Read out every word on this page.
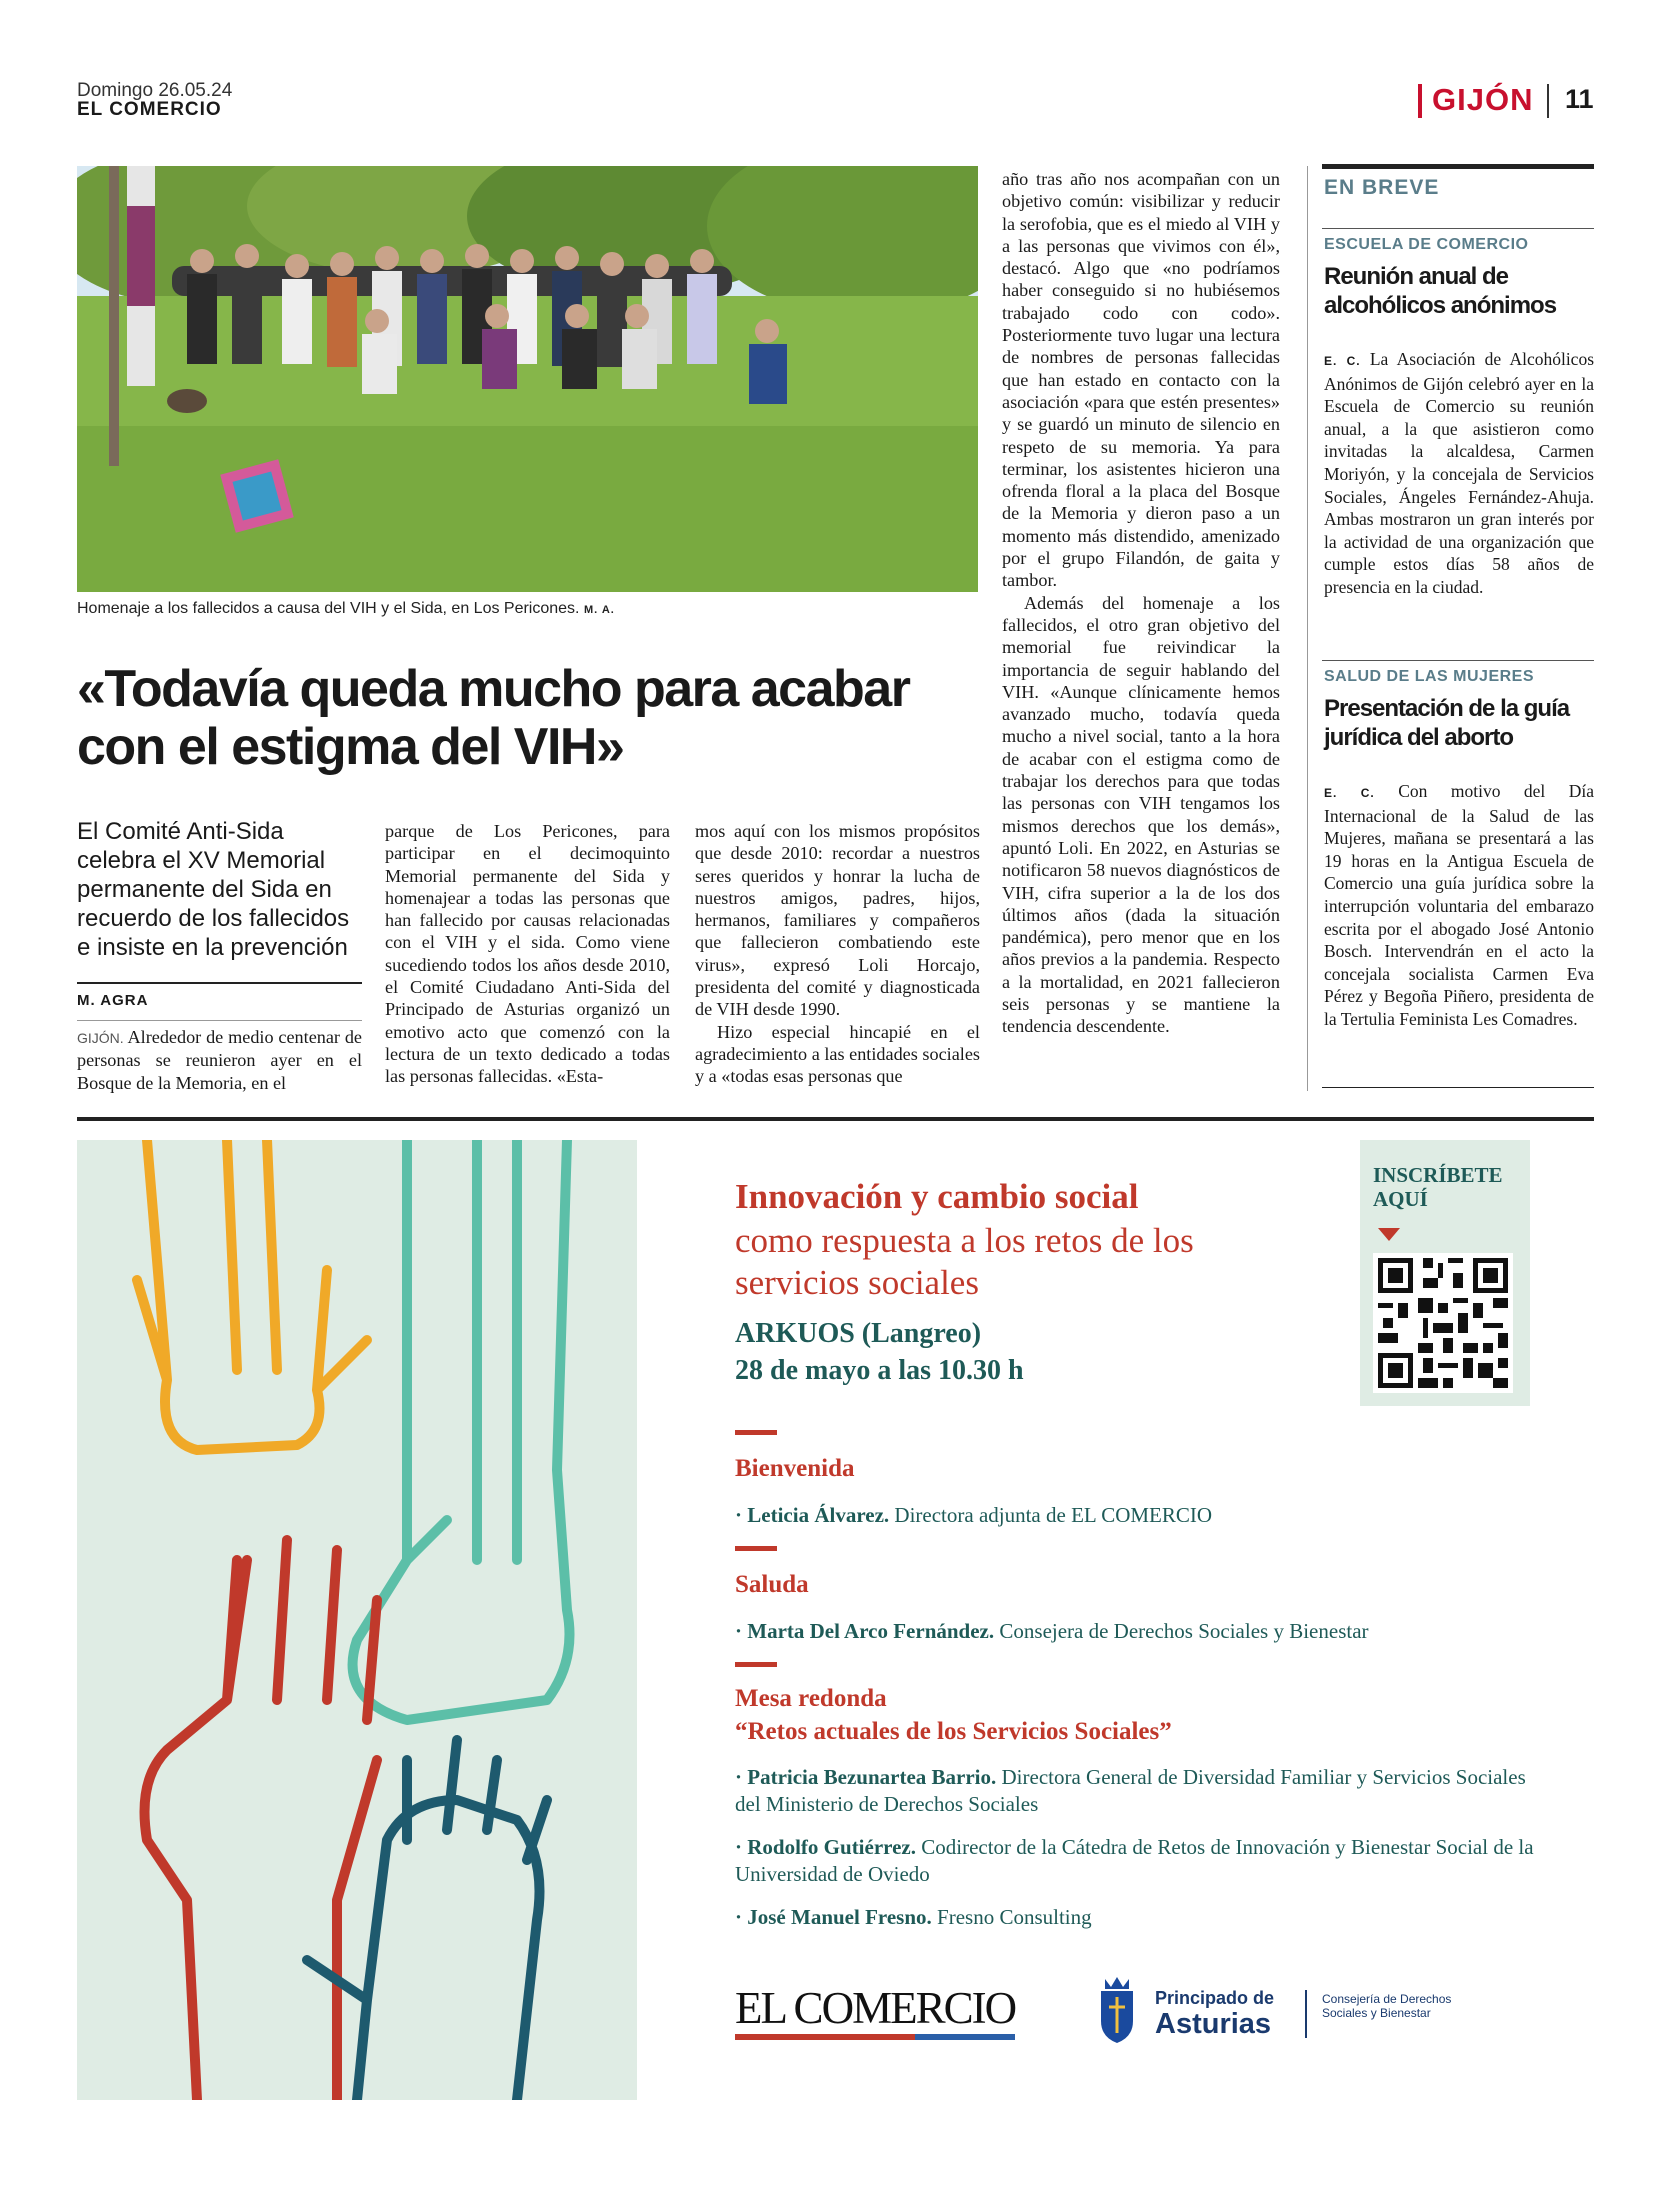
Domingo 26.05.24
EL COMERCIO	GIJÓN 11
Homenaje a los fallecidos a causa del VIH y el Sida, en Los Pericones. M. A.
«Todavía queda mucho para acabar con el estigma del VIH»
El Comité Anti-Sida celebra el XV Memorial permanente del Sida en recuerdo de los fallecidos e insiste en la prevención
M. AGRA
GIJÓN. Alrededor de medio centenar de personas se reunieron ayer en el Bosque de la Memoria, en el
parque de Los Pericones, para participar en el decimoquinto Memorial permanente del Sida y homenajear a todas las personas que han fallecido por causas relacionadas con el VIH y el sida. Como viene sucediendo todos los años desde 2010, el Comité Ciudadano Anti-Sida del Principado de Asturias organizó un emotivo acto que comenzó con la lectura de un texto dedicado a todas las personas fallecidas. «Esta-
mos aquí con los mismos propósitos que desde 2010: recordar a nuestros seres queridos y honrar la lucha de nuestros amigos, padres, hijos, hermanos, familiares y compañeros que fallecieron combatiendo este virus», expresó Loli Horcajo, presidenta del comité y diagnosticada de VIH desde 1990.
Hizo especial hincapié en el agradecimiento a las entidades sociales y a «todas esas personas que
año tras año nos acompañan con un objetivo común: visibilizar y reducir la serofobia, que es el miedo al VIH y a las personas que vivimos con él», destacó. Algo que «no podríamos haber conseguido si no hubiésemos trabajado codo con codo». Posteriormente tuvo lugar una lectura de nombres de personas fallecidas que han estado en contacto con la asociación «para que estén presentes» y se guardó un minuto de silencio en respeto de su memoria. Ya para terminar, los asistentes hicieron una ofrenda floral a la placa del Bosque de la Memoria y dieron paso a un momento más distendido, amenizado por el grupo Filandón, de gaita y tambor.
Además del homenaje a los fallecidos, el otro gran objetivo del memorial fue reivindicar la importancia de seguir hablando del VIH. «Aunque clínicamente hemos avanzado mucho, todavía queda mucho a nivel social, tanto a la hora de acabar con el estigma como de trabajar los derechos para que todas las personas con VIH tengamos los mismos derechos que los demás», apuntó Loli. En 2022, en Asturias se notificaron 58 nuevos diagnósticos de VIH, cifra superior a la de los dos últimos años (dada la situación pandémica), pero menor que en los años previos a la pandemia. Respecto a la mortalidad, en 2021 fallecieron seis personas y se mantiene la tendencia descendente.
EN BREVE
ESCUELA DE COMERCIO
Reunión anual de alcohólicos anónimos
E. C. La Asociación de Alcohólicos Anónimos de Gijón celebró ayer en la Escuela de Comercio su reunión anual, a la que asistieron como invitadas la alcaldesa, Carmen Moriyón, y la concejala de Servicios Sociales, Ángeles Fernández-Ahuja. Ambas mostraron un gran interés por la actividad de una organización que cumple estos días 58 años de presencia en la ciudad.
SALUD DE LAS MUJERES
Presentación de la guía jurídica del aborto
E. C. Con motivo del Día Internacional de la Salud de las Mujeres, mañana se presentará a las 19 horas en la Antigua Escuela de Comercio una guía jurídica sobre la interrupción voluntaria del embarazo escrita por el abogado José Antonio Bosch. Intervendrán en el acto la concejala socialista Carmen Eva Pérez y Begoña Piñero, presidenta de la Tertulia Feminista Les Comadres.
Innovación y cambio social
como respuesta a los retos de los servicios sociales
ARKUOS (Langreo)
28 de mayo a las 10.30 h
INSCRÍBETE AQUÍ
Bienvenida
· Leticia Álvarez. Directora adjunta de EL COMERCIO
Saluda
· Marta Del Arco Fernández. Consejera de Derechos Sociales y Bienestar
Mesa redonda
“Retos actuales de los Servicios Sociales”
· Patricia Bezunartea Barrio. Directora General de Diversidad Familiar y Servicios Sociales del Ministerio de Derechos Sociales
· Rodolfo Gutiérrez. Codirector de la Cátedra de Retos de Innovación y Bienestar Social de la Universidad de Oviedo
· José Manuel Fresno. Fresno Consulting
EL COMERCIO	Principado de
Asturias
Consejería de Derechos Sociales y Bienestar
